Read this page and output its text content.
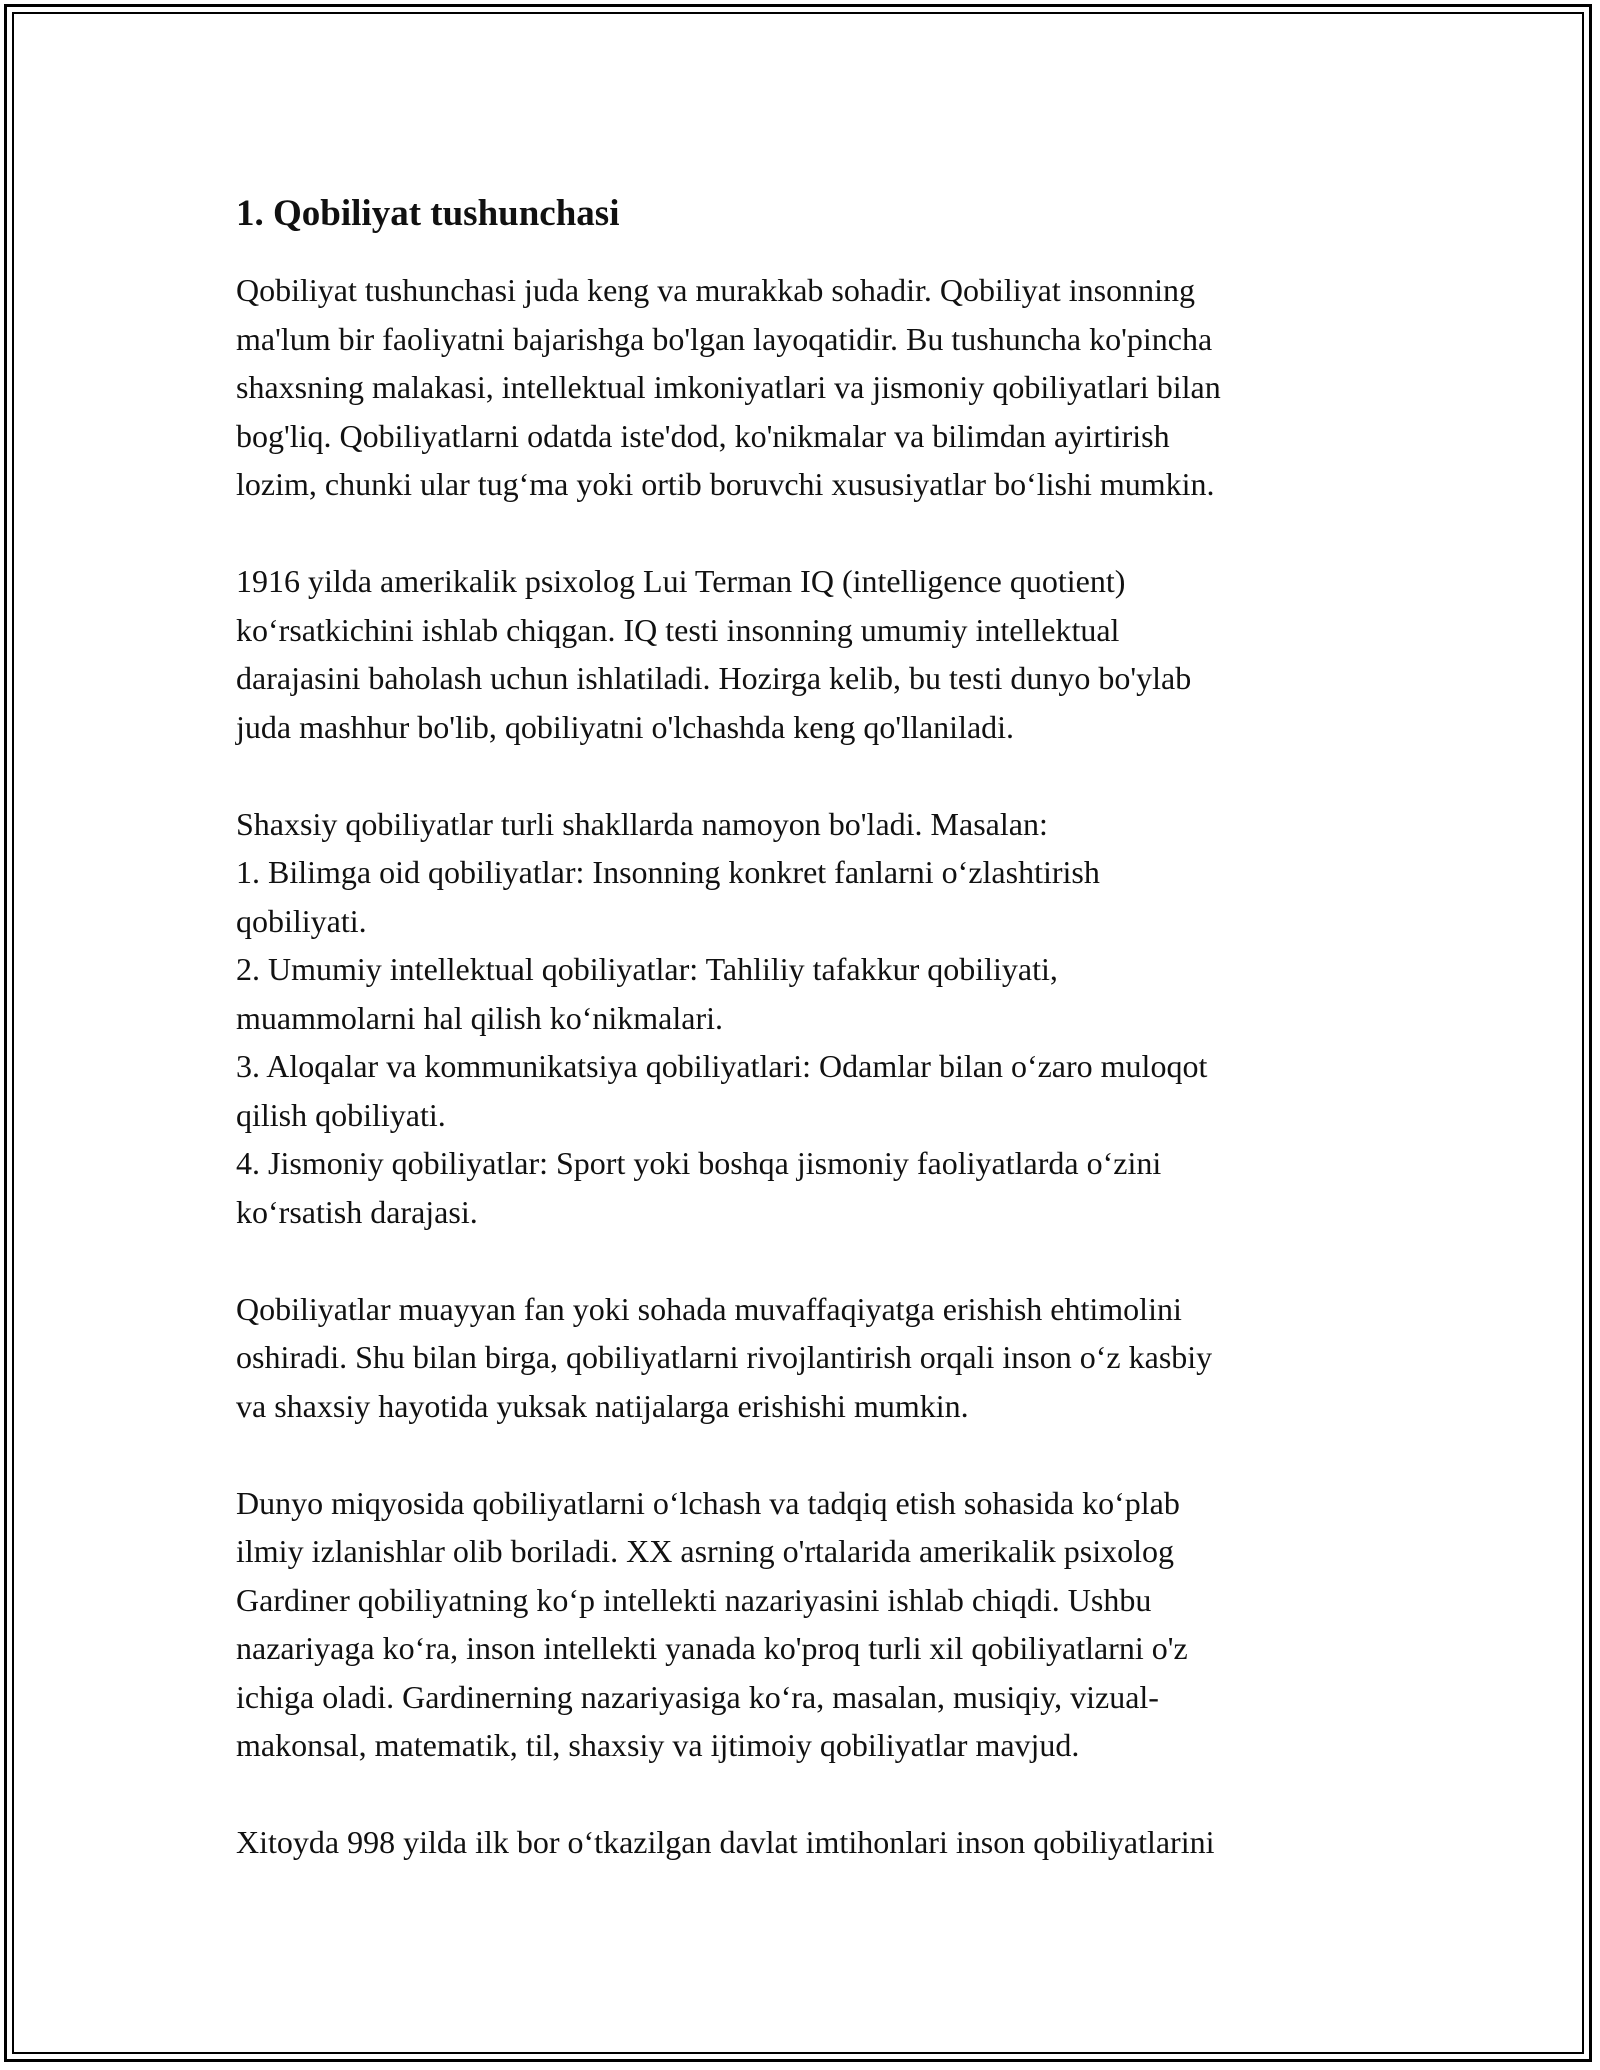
1. Qobiliyat tushunchasi

Qobiliyat tushunchasi juda keng va murakkab sohadir. Qobiliyat insonning
ma'lum bir faoliyatni bajarishga bo'lgan layoqatidir. Bu tushuncha ko'pincha
shaxsning malakasi, intellektual imkoniyatlari va jismoniy qobiliyatlari bilan
bog'liq. Qobiliyatlarni odatda iste'dod, ko'nikmalar va bilimdan ayirtirish
lozim, chunki ular tug‘ma yoki ortib boruvchi xususiyatlar bo‘lishi mumkin.

1916 yilda amerikalik psixolog Lui Terman IQ (intelligence quotient)
ko‘rsatkichini ishlab chiqgan. IQ testi insonning umumiy intellektual
darajasini baholash uchun ishlatiladi. Hozirga kelib, bu testi dunyo bo'ylab
juda mashhur bo'lib, qobiliyatni o'lchashda keng qo'llaniladi.

Shaxsiy qobiliyatlar turli shakllarda namoyon bo'ladi. Masalan:
1. Bilimga oid qobiliyatlar: Insonning konkret fanlarni o‘zlashtirish
qobiliyati.
2. Umumiy intellektual qobiliyatlar: Tahliliy tafakkur qobiliyati,
muammolarni hal qilish ko‘nikmalari.
3. Aloqalar va kommunikatsiya qobiliyatlari: Odamlar bilan o‘zaro muloqot
qilish qobiliyati.
4. Jismoniy qobiliyatlar: Sport yoki boshqa jismoniy faoliyatlarda o‘zini
ko‘rsatish darajasi.

Qobiliyatlar muayyan fan yoki sohada muvaffaqiyatga erishish ehtimolini
oshiradi. Shu bilan birga, qobiliyatlarni rivojlantirish orqali inson o‘z kasbiy
va shaxsiy hayotida yuksak natijalarga erishishi mumkin.

Dunyo miqyosida qobiliyatlarni o‘lchash va tadqiq etish sohasida ko‘plab
ilmiy izlanishlar olib boriladi. XX asrning o'rtalarida amerikalik psixolog
Gardiner qobiliyatning ko‘p intellekti nazariyasini ishlab chiqdi. Ushbu
nazariyaga ko‘ra, inson intellekti yanada ko'proq turli xil qobiliyatlarni o'z
ichiga oladi. Gardinerning nazariyasiga ko‘ra, masalan, musiqiy, vizual-
makonsal, matematik, til, shaxsiy va ijtimoiy qobiliyatlar mavjud.

Xitoyda 998 yilda ilk bor o‘tkazilgan davlat imtihonlari inson qobiliyatlarini
